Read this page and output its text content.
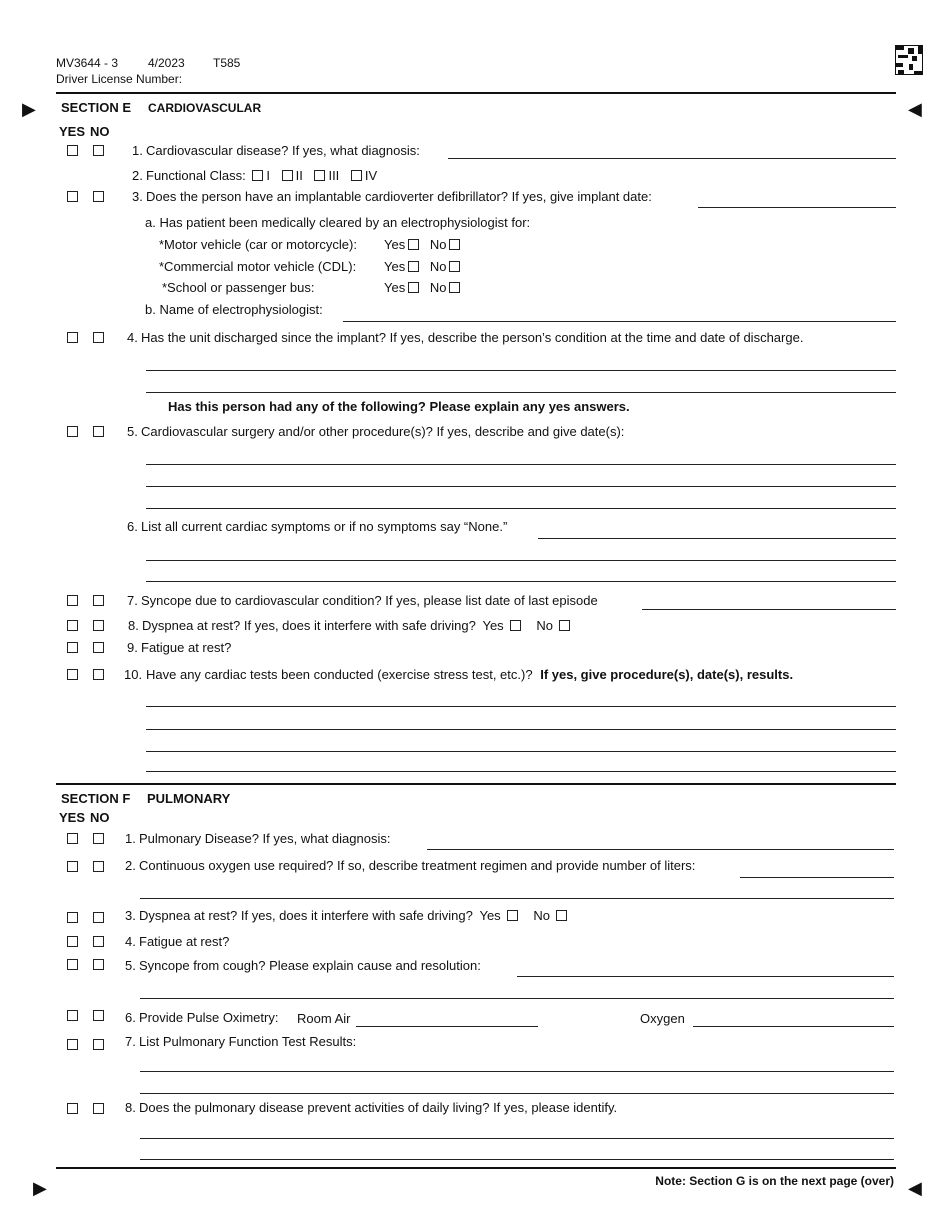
MV3644 - 3 4/2023 T585
Driver License Number:
▶	◀
SECTION E CARDIOVASCULAR
YES NO
1. Cardiovascular disease? If yes, what diagnosis:
2. Functional Class: I II III IV
3. Does the person have an implantable cardioverter defibrillator? If yes, give implant date:
a. Has patient been medically cleared by an electrophysiologist for:
*Motor vehicle (car or motorcycle): Yes No
*Commercial motor vehicle (CDL): Yes No
*School or passenger bus:	Yes No
b. Name of electrophysiologist:
4. Has the unit discharged since the implant? If yes, describe the person’s condition at the time and date of discharge.
Has this person had any of the following? Please explain any yes answers.
5. Cardiovascular surgery and/or other procedure(s)? If yes, describe and give date(s):
6. List all current cardiac symptoms or if no symptoms say “None.”
7. Syncope due to cardiovascular condition? If yes, please list date of last episode
8. Dyspnea at rest? If yes, does it interfere with safe driving? Yes	No
9. Fatigue at rest?
10. Have any cardiac tests been conducted (exercise stress test, etc.)? If yes, give procedure(s), date(s), results.
SECTION F PULMONARY
YES NO
1. Pulmonary Disease? If yes, what diagnosis:
2. Continuous oxygen use required? If so, describe treatment regimen and provide number of liters:
3. Dyspnea at rest? If yes, does it interfere with safe driving? Yes	No
4. Fatigue at rest?
5. Syncope from cough? Please explain cause and resolution:
6. Provide Pulse Oximetry: Room Air	Oxygen
7. List Pulmonary Function Test Results:
8. Does the pulmonary disease prevent activities of daily living? If yes, please identify.
▶	◀
Note: Section G is on the next page (over)
